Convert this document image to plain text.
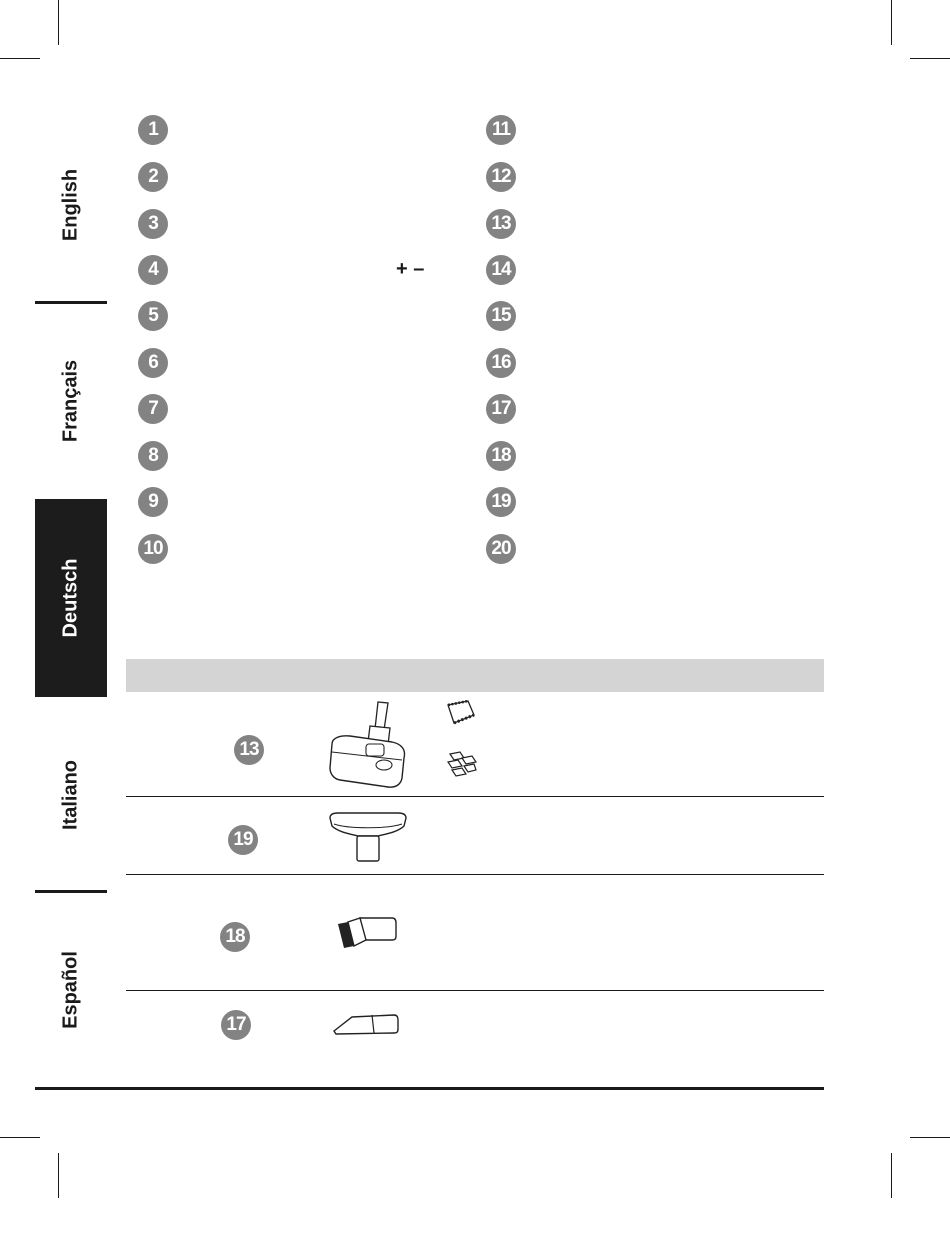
English
Français
Deutsch
Italiano
Español
1
2
3
4
5
6
7
8
9
10
+ –
11
12
13
14
15
16
17
18
19
20
13
19
18
17
